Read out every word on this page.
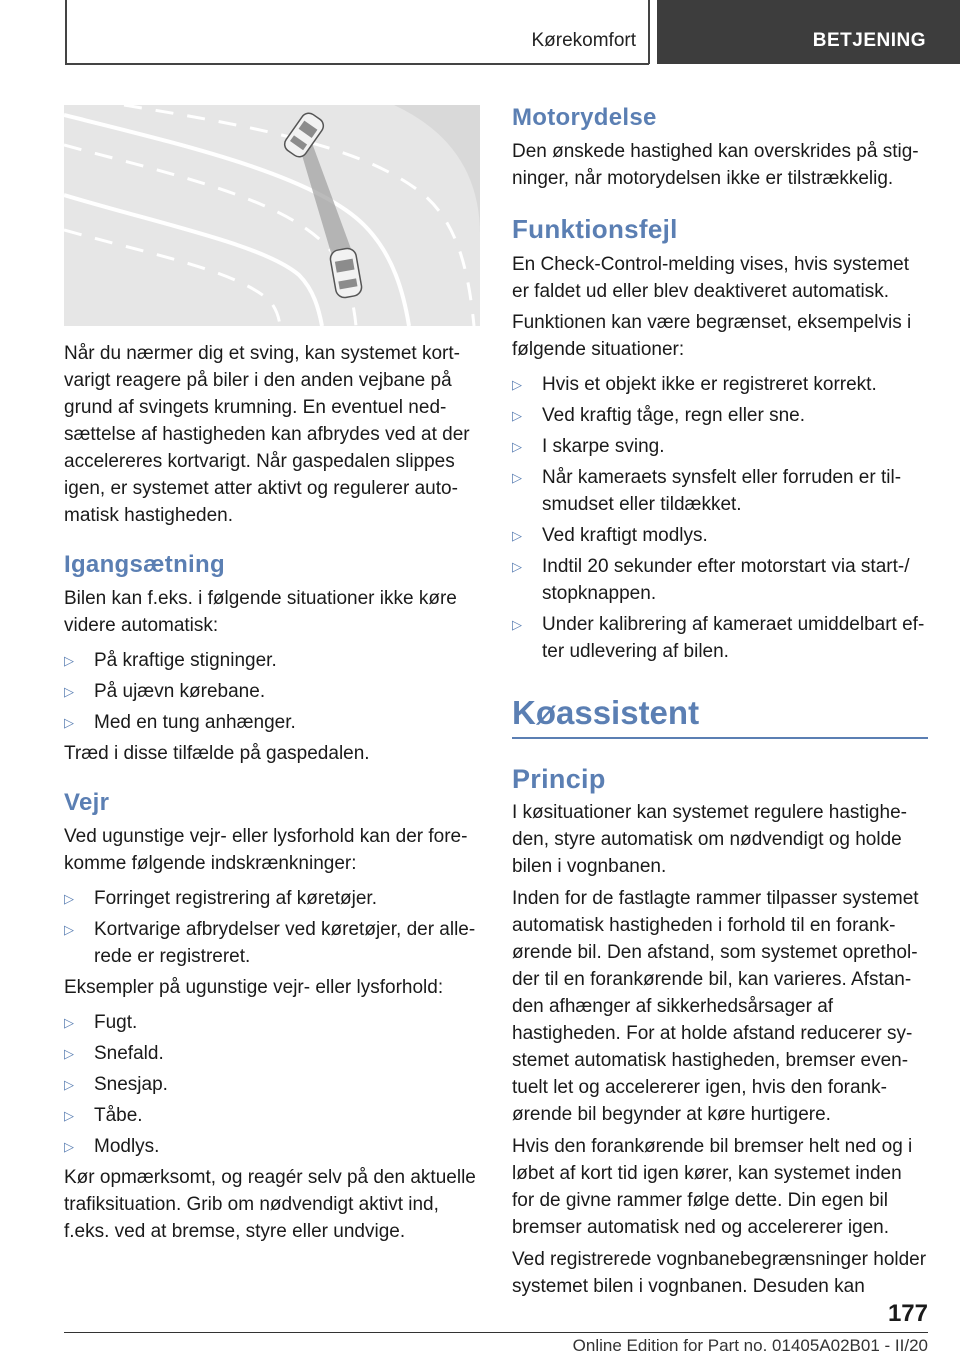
Kørekomfort	BETJENING

Når du nærmer dig et sving, kan systemet kortvarigt reagere på biler i den anden vejbane på grund af svingets krumning. En eventuel nedsættelse af hastigheden kan afbrydes ved at der accelereres kortvarigt. Når gaspedalen slippes igen, er systemet atter aktivt og regulerer automatisk hastigheden.

Igangsætning

Bilen kan f.eks. i følgende situationer ikke køre videre automatisk:

▷	På kraftige stigninger.
▷	På ujævn kørebane.
▷	Med en tung anhænger.

Træd i disse tilfælde på gaspedalen.

Vejr

Ved ugunstige vejr- eller lysforhold kan der forekomme følgende indskrænkninger:

▷	Forringet registrering af køretøjer.
▷	Kortvarige afbrydelser ved køretøjer, der allerede er registreret.

Eksempler på ugunstige vejr- eller lysforhold:

▷	Fugt.
▷	Snefald.
▷	Snesjap.
▷	Tåbe.
▷	Modlys.

Kør opmærksomt, og reagér selv på den aktuelle trafiksituation. Grib om nødvendigt aktivt ind, f.eks. ved at bremse, styre eller undvige.

Motorydelse

Den ønskede hastighed kan overskrides på stigninger, når motorydelsen ikke er tilstrækkelig.

Funktionsfejl

En Check-Control-melding vises, hvis systemet er faldet ud eller blev deaktiveret automatisk.

Funktionen kan være begrænset, eksempelvis i følgende situationer:

▷	Hvis et objekt ikke er registreret korrekt.
▷	Ved kraftig tåge, regn eller sne.
▷	I skarpe sving.
▷	Når kameraets synsfelt eller forruden er tilsmudset eller tildækket.
▷	Ved kraftigt modlys.
▷	Indtil 20 sekunder efter motorstart via start-/ stopknappen.
▷	Under kalibrering af kameraet umiddelbart efter udlevering af bilen.
Køassistent
Princip

I køsituationer kan systemet regulere hastigheden, styre automatisk om nødvendigt og holde bilen i vognbanen.

Inden for de fastlagte rammer tilpasser systemet automatisk hastigheden i forhold til en forankørende bil. Den afstand, som systemet opretholder til en forankørende bil, kan varieres. Afstanden afhænger af sikkerhedsårsager af hastigheden. For at holde afstand reducerer systemet automatisk hastigheden, bremser eventuelt let og accelererer igen, hvis den forankørende bil begynder at køre hurtigere.

Hvis den forankørende bil bremser helt ned og i løbet af kort tid igen kører, kan systemet inden for de givne rammer følge dette. Din egen bil bremser automatisk ned og accelererer igen.

Ved registrerede vognbanebegrænsninger holder systemet bilen i vognbanen. Desuden kan

177
Online Edition for Part no. 01405A02B01 - II/20
